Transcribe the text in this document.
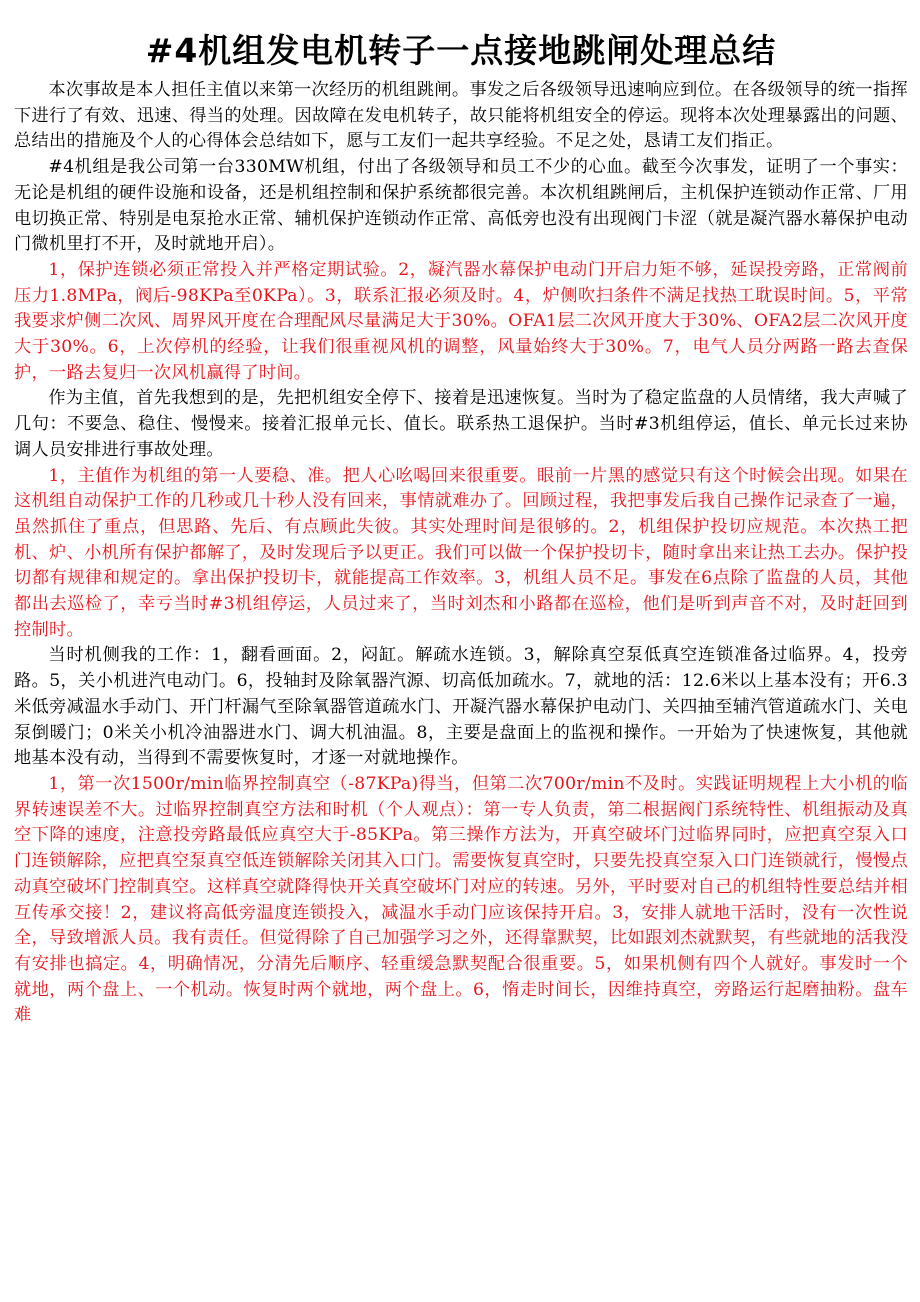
#4机组发电机转子一点接地跳闸处理总结

本次事故是本人担任主值以来第一次经历的机组跳闸。事发之后各级领导迅速响应到位。在各级领导的统一指挥下进行了有效、迅速、得当的处理。因故障在发电机转子，故只能将机组安全的停运。现将本次处理暴露出的问题、总结出的措施及个人的心得体会总结如下，愿与工友们一起共享经验。不足之处，恳请工友们指正。

#4机组是我公司第一台330MW机组，付出了各级领导和员工不少的心血。截至今次事发，证明了一个事实：无论是机组的硬件设施和设备，还是机组控制和保护系统都很完善。本次机组跳闸后，主机保护连锁动作正常、厂用电切换正常、特别是电泵抢水正常、辅机保护连锁动作正常、高低旁也没有出现阀门卡涩（就是凝汽器水幕保护电动门微机里打不开，及时就地开启）。

1，保护连锁必须正常投入并严格定期试验。2，凝汽器水幕保护电动门开启力矩不够，延误投旁路，正常阀前压力1.8MPa，阀后-98KPa至0KPa）。3，联系汇报必须及时。4，炉侧吹扫条件不满足找热工耽误时间。5，平常我要求炉侧二次风、周界风开度在合理配风尽量满足大于30%。OFA1层二次风开度大于30%、OFA2层二次风开度大于30%。6，上次停机的经验，让我们很重视风机的调整，风量始终大于30%。7，电气人员分两路一路去查保护，一路去复归一次风机赢得了时间。

作为主值，首先我想到的是，先把机组安全停下、接着是迅速恢复。当时为了稳定监盘的人员情绪，我大声喊了几句：不要急、稳住、慢慢来。接着汇报单元长、值长。联系热工退保护。当时#3机组停运，值长、单元长过来协调人员安排进行事故处理。

1，主值作为机组的第一人要稳、准。把人心吆喝回来很重要。眼前一片黑的感觉只有这个时候会出现。如果在这机组自动保护工作的几秒或几十秒人没有回来，事情就难办了。回顾过程，我把事发后我自己操作记录查了一遍，虽然抓住了重点，但思路、先后、有点顾此失彼。其实处理时间是很够的。2，机组保护投切应规范。本次热工把机、炉、小机所有保护都解了，及时发现后予以更正。我们可以做一个保护投切卡，随时拿出来让热工去办。保护投切都有规律和规定的。拿出保护投切卡，就能提高工作效率。3，机组人员不足。事发在6点除了监盘的人员，其他都出去巡检了，幸亏当时#3机组停运，人员过来了，当时刘杰和小路都在巡检，他们是听到声音不对，及时赶回到控制时。

当时机侧我的工作：1，翻看画面。2，闷缸。解疏水连锁。3，解除真空泵低真空连锁准备过临界。4，投旁路。5，关小机进汽电动门。6，投轴封及除氧器汽源、切高低加疏水。7，就地的活：12.6米以上基本没有；开6.3米低旁减温水手动门、开门杆漏气至除氧器管道疏水门、开凝汽器水幕保护电动门、关四抽至辅汽管道疏水门、关电泵倒暖门；0米关小机冷油器进水门、调大机油温。8，主要是盘面上的监视和操作。一开始为了快速恢复，其他就地基本没有动，当得到不需要恢复时，才逐一对就地操作。

1，第一次1500r/min临界控制真空（-87KPa)得当，但第二次700r/min不及时。实践证明规程上大小机的临界转速误差不大。过临界控制真空方法和时机（个人观点）：第一专人负责，第二根据阀门系统特性、机组振动及真空下降的速度，注意投旁路最低应真空大于-85KPa。第三操作方法为，开真空破坏门过临界同时，应把真空泵入口门连锁解除，应把真空泵真空低连锁解除关闭其入口门。需要恢复真空时，只要先投真空泵入口门连锁就行，慢慢点动真空破坏门控制真空。这样真空就降得快开关真空破坏门对应的转速。另外，平时要对自己的机组特性要总结并相互传承交接！2，建议将高低旁温度连锁投入，减温水手动门应该保持开启。3，安排人就地干活时，没有一次性说全，导致增派人员。我有责任。但觉得除了自己加强学习之外，还得靠默契，比如跟刘杰就默契，有些就地的活我没有安排也搞定。4，明确情况，分清先后顺序、轻重缓急默契配合很重要。5，如果机侧有四个人就好。事发时一个就地，两个盘上、一个机动。恢复时两个就地，两个盘上。6，惰走时间长，因维持真空，旁路运行起磨抽粉。盘车难
